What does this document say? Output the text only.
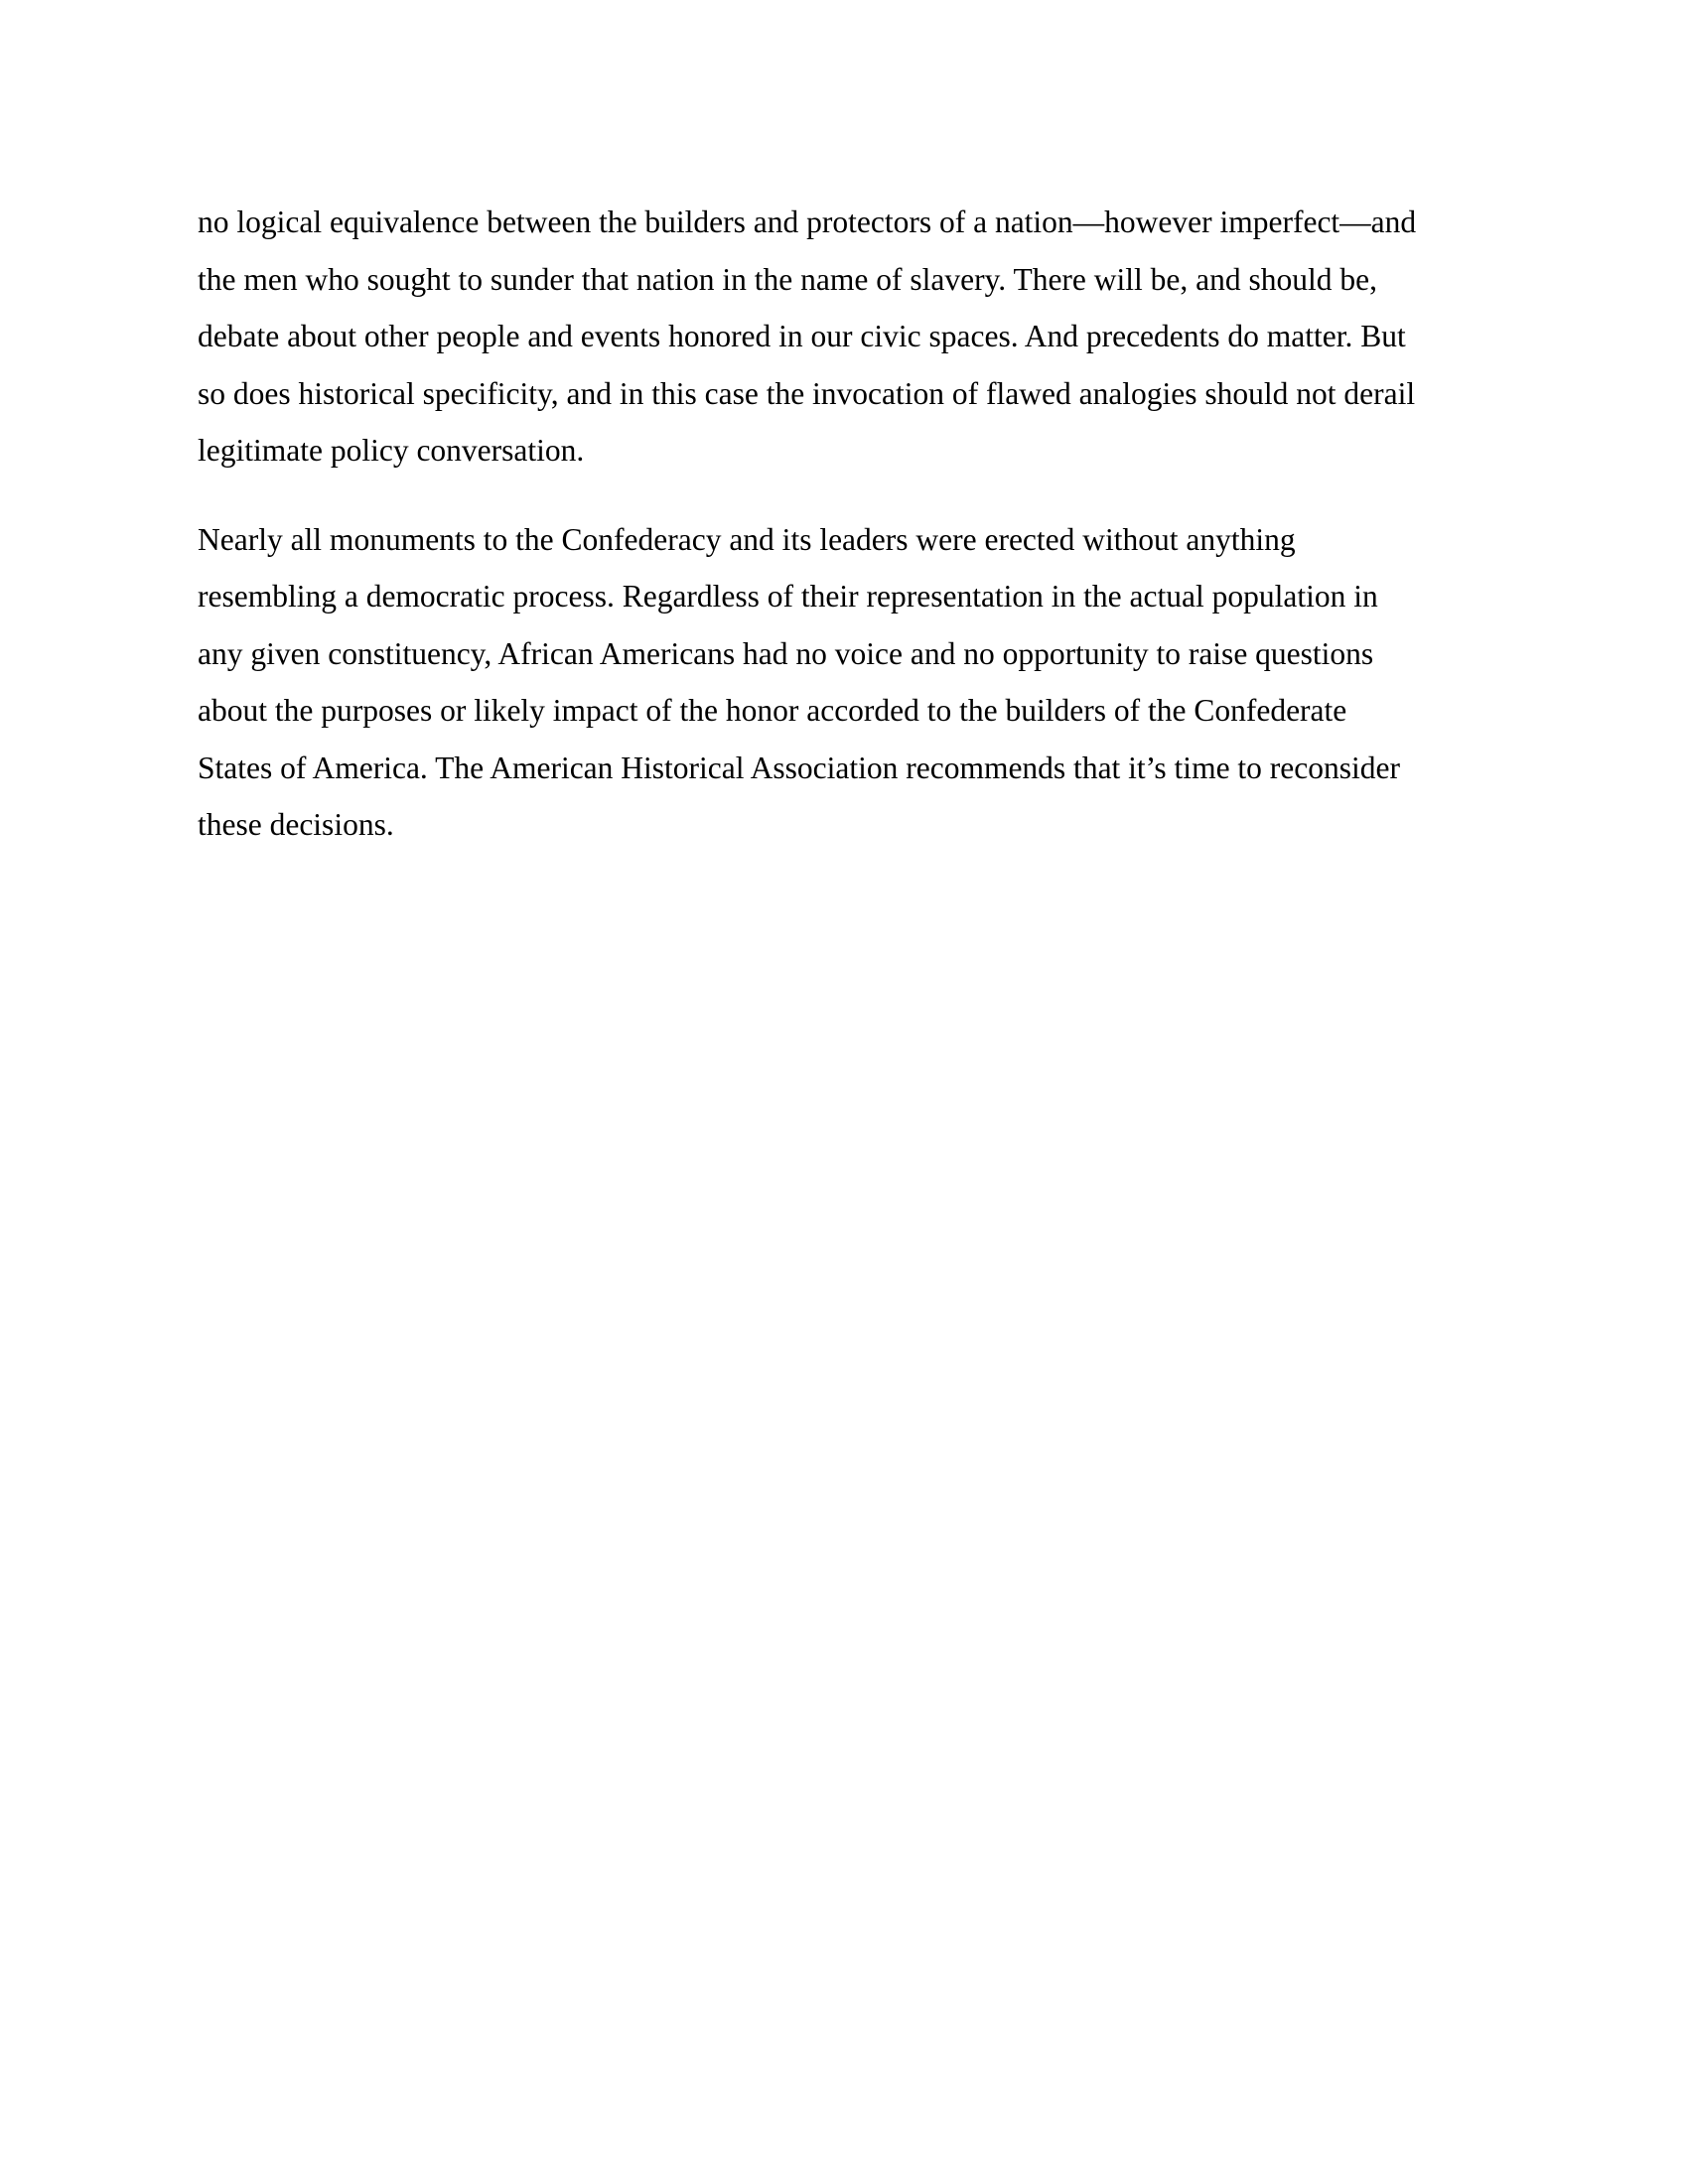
no logical equivalence between the builders and protectors of a nation—however imperfect—and
the men who sought to sunder that nation in the name of slavery. There will be, and should be,
debate about other people and events honored in our civic spaces. And precedents do matter. But
so does historical specificity, and in this case the invocation of flawed analogies should not derail
legitimate policy conversation.

Nearly all monuments to the Confederacy and its leaders were erected without anything
resembling a democratic process. Regardless of their representation in the actual population in
any given constituency, African Americans had no voice and no opportunity to raise questions
about the purposes or likely impact of the honor accorded to the builders of the Confederate
States of America. The American Historical Association recommends that it’s time to reconsider
these decisions.
